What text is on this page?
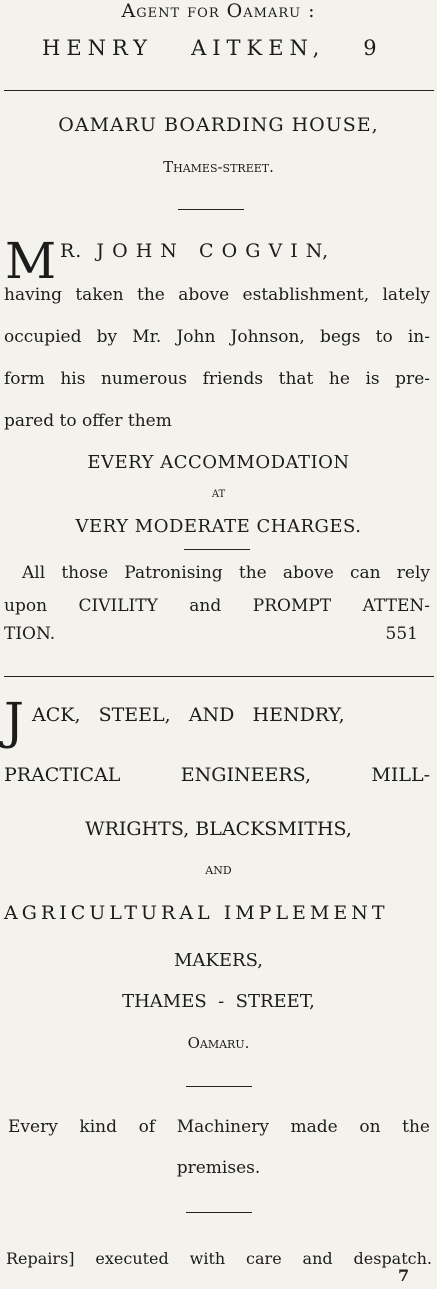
Agent for Oamaru :
HENRY   AITKEN,   9
OAMARU BOARDING HOUSE,
Thames-street.
M R.  J O H N   C O G V I N,
having taken the above establishment, lately
occupied by Mr. John Johnson, begs to in-
form his numerous friends that he is pre-
pared to offer them
EVERY ACCOMMODATION
AT
VERY MODERATE CHARGES.
All those Patronising the above can rely
upon CIVILITY and PROMPT ATTEN-
TION.	551
J ACK,   STEEL,   AND   HENDRY,
PRACTICAL ENGINEERS, MILL-
WRIGHTS, BLACKSMITHS,
AND
AGRICULTURAL IMPLEMENT
MAKERS,
THAMES  -  STREET,
Oamaru.
Every kind of Machinery made on the
premises.
Repairs] executed with care and despatch.
7
